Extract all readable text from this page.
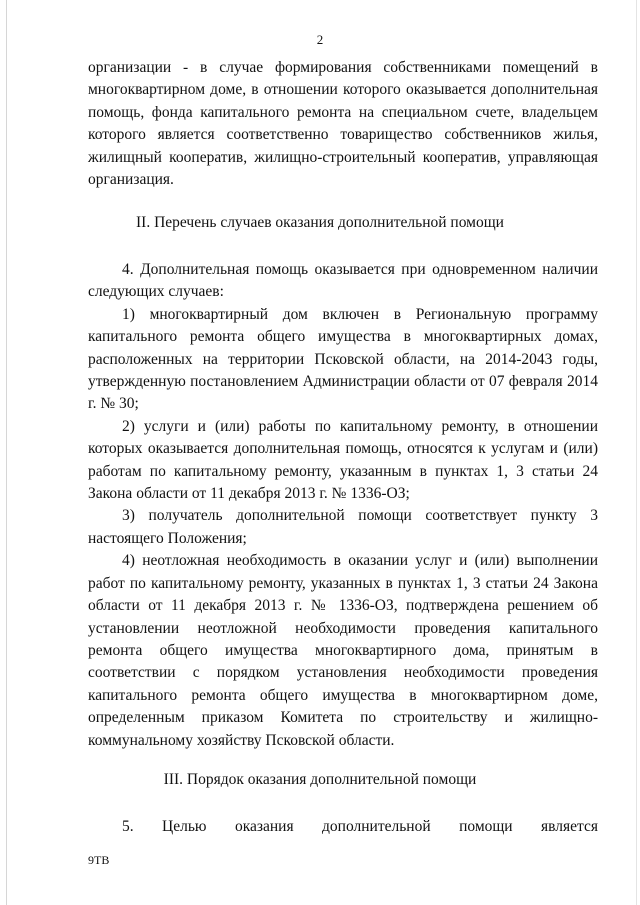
2

организации - в случае формирования собственниками помещений в многоквартирном доме, в отношении которого оказывается дополнительная помощь, фонда капитального ремонта на специальном счете, владельцем которого является соответственно товарищество собственников жилья, жилищный кооператив, жилищно-строительный кооператив, управляющая организация.

II. Перечень случаев оказания дополнительной помощи

4. Дополнительная помощь оказывается при одновременном наличии следующих случаев:

1) многоквартирный дом включен в Региональную программу капитального ремонта общего имущества в многоквартирных домах, расположенных на территории Псковской области, на 2014-2043 годы, утвержденную постановлением Администрации области от 07 февраля 2014 г. № 30;

2) услуги и (или) работы по капитальному ремонту, в отношении которых оказывается дополнительная помощь, относятся к услугам и (или) работам по капитальному ремонту, указанным в пунктах 1, 3 статьи 24 Закона области от 11 декабря 2013 г. № 1336-ОЗ;

3) получатель дополнительной помощи соответствует пункту 3 настоящего Положения;

4) неотложная необходимость в оказании услуг и (или) выполнении работ по капитальному ремонту, указанных в пунктах 1, 3 статьи 24 Закона области от 11 декабря 2013 г. № 1336-ОЗ, подтверждена решением об установлении неотложной необходимости проведения капитального ремонта общего имущества многоквартирного дома, принятым в соответствии с порядком установления необходимости проведения капитального ремонта общего имущества в многоквартирном доме, определенным приказом Комитета по строительству и жилищно-коммунальному хозяйству Псковской области.

III. Порядок оказания дополнительной помощи

5. Целью оказания дополнительной помощи является

9ТВ
